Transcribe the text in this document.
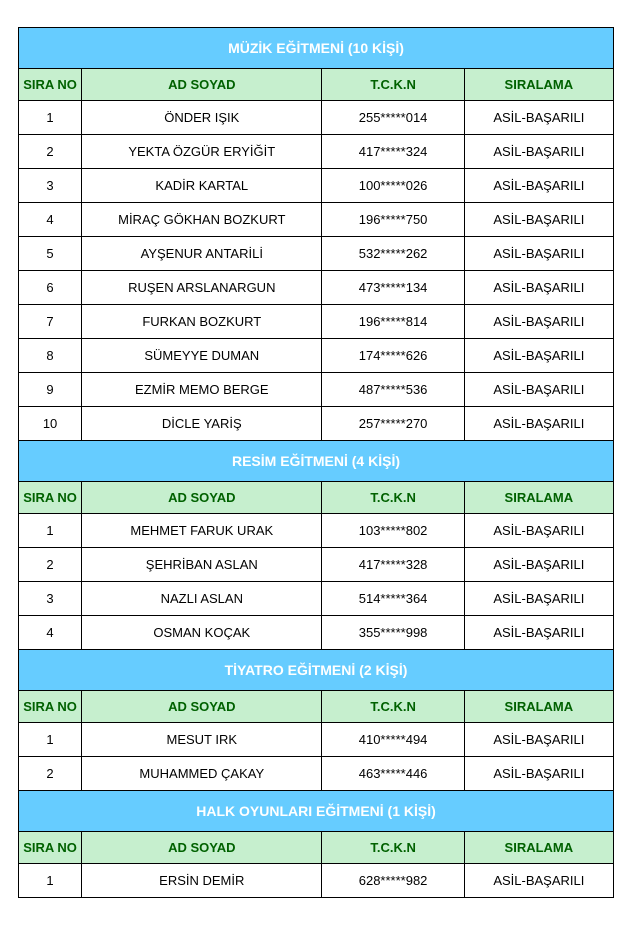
MÜZİK EĞİTMENİ (10 KİŞİ)			
SIRA NO	AD SOYAD	T.C.K.N	SIRALAMA
1	ÖNDER IŞIK	255*****014	ASİL-BAŞARILI
2	YEKTA ÖZGÜR ERYİĞİT	417*****324	ASİL-BAŞARILI
3	KADİR KARTAL	100*****026	ASİL-BAŞARILI
4	MİRAÇ GÖKHAN BOZKURT	196*****750	ASİL-BAŞARILI
5	AYŞENUR ANTARİLİ	532*****262	ASİL-BAŞARILI
6	RUŞEN ARSLANARGUN	473*****134	ASİL-BAŞARILI
7	FURKAN BOZKURT	196*****814	ASİL-BAŞARILI
8	SÜMEYYE DUMAN	174*****626	ASİL-BAŞARILI
9	EZMİR MEMO BERGE	487*****536	ASİL-BAŞARILI
10	DİCLE YARİŞ	257*****270	ASİL-BAŞARILI
RESİM EĞİTMENİ (4 KİŞİ)			
SIRA NO	AD SOYAD	T.C.K.N	SIRALAMA
1	MEHMET FARUK URAK	103*****802	ASİL-BAŞARILI
2	ŞEHRİBAN ASLAN	417*****328	ASİL-BAŞARILI
3	NAZLI ASLAN	514*****364	ASİL-BAŞARILI
4	OSMAN KOÇAK	355*****998	ASİL-BAŞARILI
TİYATRO EĞİTMENİ (2 KİŞİ)			
SIRA NO	AD SOYAD	T.C.K.N	SIRALAMA
1	MESUT IRK	410*****494	ASİL-BAŞARILI
2	MUHAMMED ÇAKAY	463*****446	ASİL-BAŞARILI
HALK OYUNLARI EĞİTMENİ (1 KİŞİ)			
SIRA NO	AD SOYAD	T.C.K.N	SIRALAMA
1	ERSİN DEMİR	628*****982	ASİL-BAŞARILI
